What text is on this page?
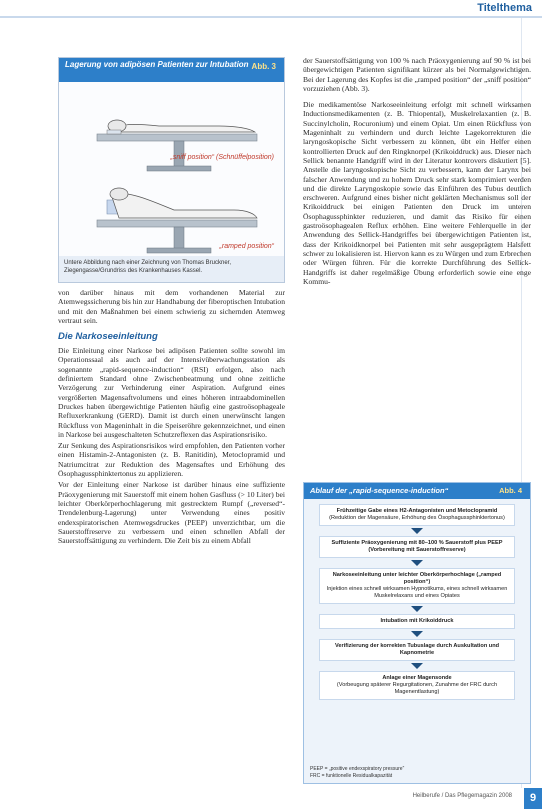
Titelthema
Lagerung von adipösen Patienten zur Intubation Abb. 3
„sniff position“ (Schnüffelposition)
„ramped position“
Untere Abbildung nach einer Zeichnung von Thomas Bruckner, Ziegengasse/Grundriss des Krankenhauses Kassel.

von darüber hinaus mit dem vorhandenen Material zur Atemwegssicherung bis hin zur Handhabung der fiberoptischen Intubation und mit den Maßnahmen bei einem schwierig zu sichernden Atemweg vertraut sein.

Die Narkoseeinleitung

Die Einleitung einer Narkose bei adipösen Patienten sollte sowohl im Operationssaal als auch auf der Intensivüberwachungsstation als sogenannte „rapid-sequence-induction“ (RSI) erfolgen, also nach definiertem Standard ohne Zwischenbeatmung und ohne zeitliche Verzögerung zur Verhinderung einer Aspiration. Aufgrund eines vergrößerten Magensaftvolumens und eines höheren intraabdominellen Druckes haben übergewichtige Patienten häufig eine gastroösophageale Refluxerkrankung (GERD). Damit ist durch einen unerwünscht langen Rückfluss von Mageninhalt in die Speiseröhre gekennzeichnet, und einen in Narkose bei ausgeschalteten Schutzreflexen das Aspirationsrisiko.

Zur Senkung des Aspirationsrisikos wird empfohlen, den Patienten vorher einen Histamin-2-Antagonisten (z. B. Ranitidin), Metoclopramid und Natriumcitrat zur Reduktion des Magensaftes und Erhöhung des Ösophagussphinktertonus zu applizieren.

Vor der Einleitung einer Narkose ist darüber hinaus eine suffiziente Präoxygenierung mit Sauerstoff mit einem hohen Gasfluss (> 10 Liter) bei leichter Oberkörperhochlagerung mit gestrecktem Rumpf („reversed“-Trendelenburg-Lagerung) unter Verwendung eines positiv endexspiratorischen Atemwegsdruckes (PEEP) unverzichtbar, um die Sauerstoffreserve zu verbessern und einen schnellen Abfall der Sauerstoffsättigung zu verhindern. Die Zeit bis zu einem Abfall

der Sauerstoffsättigung von 100 % nach Präoxygenierung auf 90 % ist bei übergewichtigen Patienten signifikant kürzer als bei Normalgewichtigen. Bei der Lagerung des Kopfes ist die „ramped position“ der „sniff position“ vorzuziehen (Abb. 3).

Die medikamentöse Narkoseeinleitung erfolgt mit schnell wirksamen Inductionsmedikamenten (z. B. Thiopental), Muskelrelaxantien (z. B. Succinylcholin, Rocuronium) und einem Opiat. Um einen Rückfluss von Mageninhalt zu verhindern und durch leichte Lagekorrekturen die laryngoskopische Sicht verbessern zu können, übt ein Helfer einen kontrollierten Druck auf den Ringknorpel (Krikoiddruck) aus. Dieser nach Sellick benannte Handgriff wird in der Literatur kontrovers diskutiert [5]. Anstelle die laryngoskopische Sicht zu verbessern, kann der Larynx bei falscher Anwendung und zu hohem Druck sehr stark komprimiert werden und die direkte Laryngoskopie sowie das Einführen des Tubus deutlich erschweren. Aufgrund eines bisher nicht geklärten Mechanismus soll der Krikoiddruck bei einigen Patienten den Druck im unteren Ösophagussphinkter reduzieren, und damit das Risiko für einen gastroösophagealen Reflux erhöhen. Eine weitere Fehlerquelle in der Anwendung des Sellick-Handgriffes bei übergewichtigen Patienten ist, dass der Krikoidknorpel bei Patienten mit sehr ausgeprägtem Halsfett schwer zu lokalisieren ist. Hiervon kann es zu Würgen und zum Erbrechen oder Würgen führen. Für die korrekte Durchführung des Sellick-Handgriffs ist daher regelmäßige Übung erforderlich sowie eine enge Kommu-

Ablauf der „rapid-sequence-induction“	Abb. 4
Frühzeitige Gabe eines H2-Antagonisten und Metoclopramid
(Reduktion der Magensäure, Erhöhung des Ösophagussphinktertonus)
Suffiziente Präoxygenierung mit 80–100 % Sauerstoff plus PEEP (Vorbereitung mit Sauerstoffreserve)
Narkoseeinleitung unter leichter Oberkörperhochlage („ramped position“)
Injektion eines schnell wirksamen Hypnotikums, eines schnell wirksamen Muskelrelaxans und eines Opiates
Intubation mit Krikoiddruck
Verifizierung der korrekten Tubuslage durch Auskultation und Kapnometrie
Anlage einer Magensonde
(Vorbeugung späterer Regurgitationen, Zunahme der FRC durch Magenentlastung)
PEEP = „positive endexspiratory pressure“
FRC = funktionelle Residualkapazität
Heilberufe / Das Pflegemagazin 2008	9
